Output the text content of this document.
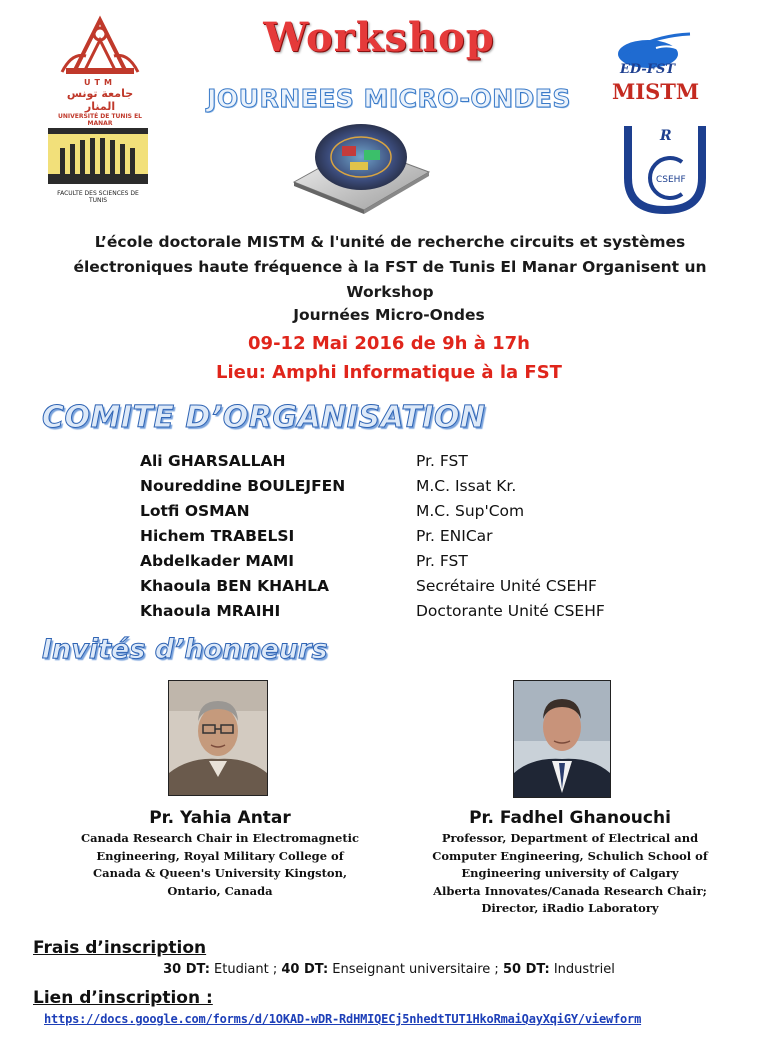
Workshop
JOURNEES MICRO-ONDES
UTM
جامعة تونس المنار
UNIVERSITÉ DE TUNIS EL MANAR
FACULTE DES SCIENCES DE TUNIS
ED-FST
MISTM
R
CSEHF
L’école doctorale MISTM & l'unité de recherche circuits et systèmes électroniques haute fréquence à la FST de Tunis El Manar Organisent un Workshop
Journées Micro-Ondes
09-12 Mai 2016 de 9h à 17h
Lieu: Amphi Informatique à la FST
COMITE D’ORGANISATION
Ali GHARSALLAH	Pr. FST
Noureddine BOULEJFEN	M.C. Issat Kr.
Lotfi OSMAN	M.C. Sup'Com
Hichem TRABELSI	Pr. ENICar
Abdelkader MAMI	Pr. FST
Khaoula BEN KHAHLA	Secrétaire Unité CSEHF
Khaoula MRAIHI	Doctorante Unité CSEHF
Invités d’honneurs
Pr. Yahia Antar
Canada Research Chair in Electromagnetic
Engineering, Royal Military College of
Canada & Queen's University Kingston,
Ontario, Canada
Pr. Fadhel Ghanouchi
Professor, Department of Electrical and
Computer Engineering, Schulich School of
Engineering university of Calgary
Alberta Innovates/Canada Research Chair;
Director, iRadio Laboratory
Frais d’inscription
30 DT: Etudiant ; 40 DT: Enseignant universitaire ; 50 DT: Industriel
Lien d’inscription :
https://docs.google.com/forms/d/1OKAD-wDR-RdHMIQECj5nhedtTUT1HkoRmaiQayXqiGY/viewform
